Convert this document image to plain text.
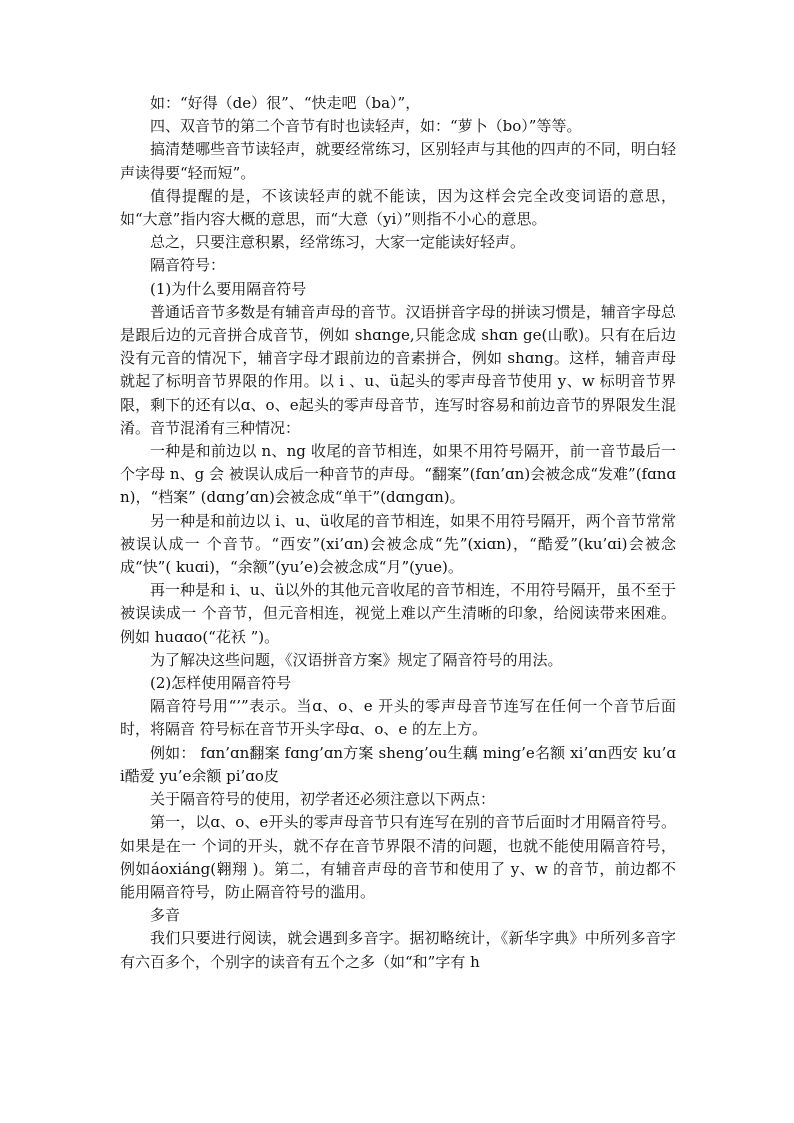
如：“好得（de）很”、“快走吧（ba）”，

四、双音节的第二个音节有时也读轻声，如：“萝卜（bo）”等等。

搞清楚哪些音节读轻声，就要经常练习，区别轻声与其他的四声的不同，明白轻声读得要“轻而短”。

值得提醒的是，不该读轻声的就不能读，因为这样会完全改变词语的意思，如“大意”指内容大概的意思，而“大意（yi）”则指不小心的意思。

总之，只要注意积累，经常练习，大家一定能读好轻声。

隔音符号：

(1)为什么要用隔音符号

普通话音节多数是有辅音声母的音节。汉语拼音字母的拼读习惯是，辅音字母总是跟后边的元音拼合成音节，例如 shɑnge,只能念成 shɑn ge(山歌)。只有在后边没有元音的情况下，辅音字母才跟前边的音素拼合，例如 shɑng。这样，辅音声母就起了标明音节界限的作用。以 i 、u、ü起头的零声母音节使用 y、w 标明音节界限，剩下的还有以ɑ、o、e起头的零声母音节，连写时容易和前边音节的界限发生混淆。音节混淆有三种情况：

一种是和前边以 n、ng 收尾的音节相连，如果不用符号隔开，前一音节最后一个字母 n、g 会 被误认成后一种音节的声母。“翻案”(fɑn’ɑn)会被念成“发难”(fɑnɑn)，“档案” (dɑng’ɑn)会被念成“单干”(dɑngɑn)。

另一种是和前边以 i、u、ü收尾的音节相连，如果不用符号隔开，两个音节常常被误认成一 个音节。“西安”(xi’ɑn)会被念成“先”(xiɑn)，“酷爱”(ku’ɑi)会被念成“快”( kuɑi)，“余额”(yu’e)会被念成“月”(yue)。

再一种是和 i、u、ü以外的其他元音收尾的音节相连，不用符号隔开，虽不至于被误读成一 个音节，但元音相连，视觉上难以产生清晰的印象，给阅读带来困难。例如 huɑɑo(“花袄 ”)。

为了解决这些问题，《汉语拼音方案》规定了隔音符号的用法。

(2)怎样使用隔音符号

隔音符号用“’”表示。当ɑ、o、e 开头的零声母音节连写在任何一个音节后面时，将隔音 符号标在音节开头字母ɑ、o、e 的左上方。

例如： fɑn’ɑn翻案 fɑng’ɑn方案 sheng’ou生藕 ming’e名额 xi’ɑn西安 ku’ɑi酷爱 yu’e余额 pi’ɑo皮

关于隔音符号的使用，初学者还必须注意以下两点：

第一，以ɑ、o、e开头的零声母音节只有连写在别的音节后面时才用隔音符号。如果是在一 个词的开头，就不存在音节界限不清的问题，也就不能使用隔音符号，例如áoxiáng(翱翔 )。第二，有辅音声母的音节和使用了 y、w 的音节，前边都不能用隔音符号，防止隔音符号的滥用。

多音

我们只要进行阅读，就会遇到多音字。据初略统计，《新华字典》中所列多音字有六百多个，个别字的读音有五个之多（如“和”字有 h
